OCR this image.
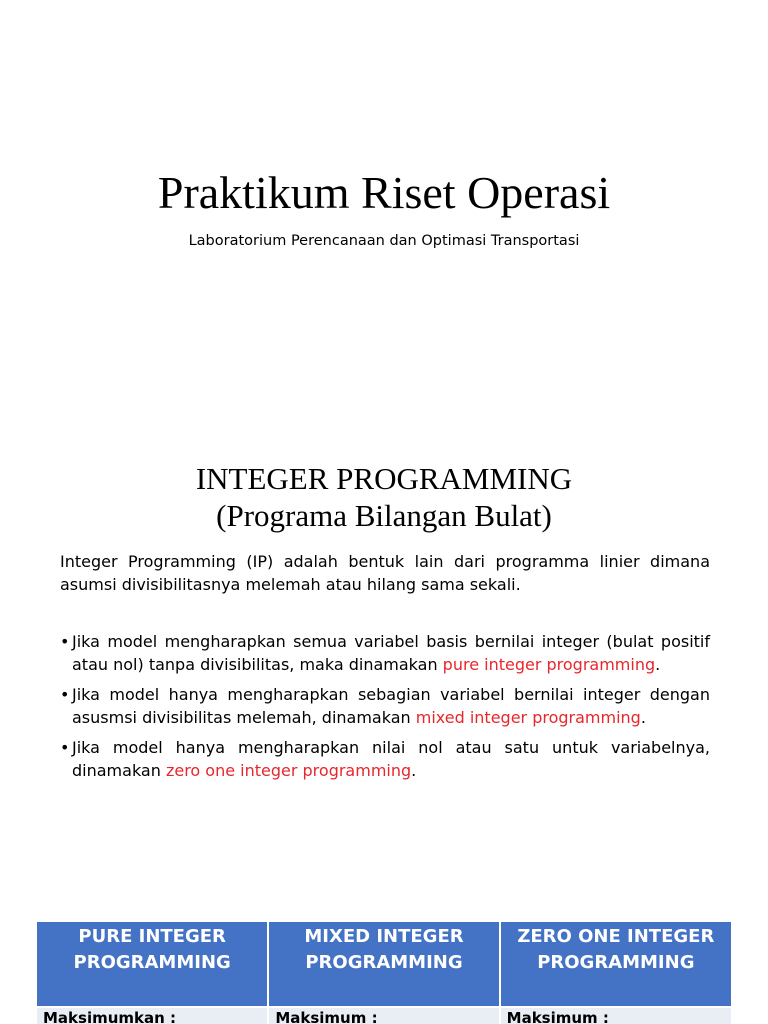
Praktikum Riset Operasi
Laboratorium Perencanaan dan Optimasi Transportasi
INTEGER PROGRAMMING
(Programa Bilangan Bulat)
Integer Programming (IP) adalah bentuk lain dari programma linier dimana asumsi divisibilitasnya melemah atau hilang sama sekali.
• Jika model mengharapkan semua variabel basis bernilai integer (bulat positif atau nol) tanpa divisibilitas, maka dinamakan pure integer programming.
• Jika model hanya mengharapkan sebagian variabel bernilai integer dengan asusmsi divisibilitas melemah, dinamakan mixed integer programming.
• Jika model hanya mengharapkan nilai nol atau satu untuk variabelnya, dinamakan zero one integer programming.
PURE INTEGER PROGRAMMING	MIXED INTEGER PROGRAMMING	ZERO ONE INTEGER PROGRAMMING
Maksimumkan :	Maksimum :	Maksimum :
